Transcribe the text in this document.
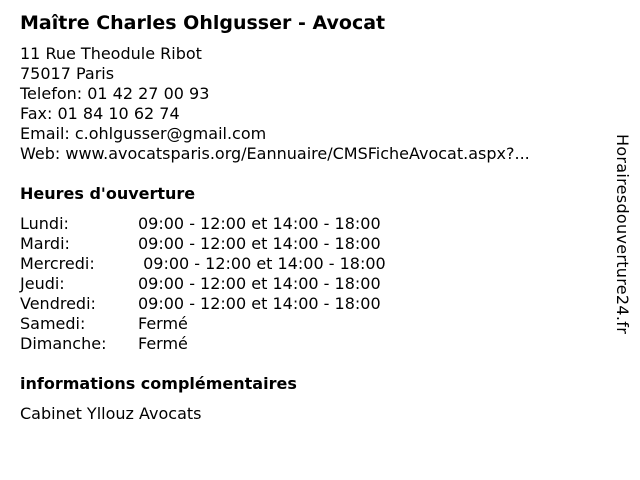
Maître Charles Ohlgusser - Avocat
11 Rue Theodule Ribot
75017 Paris
Telefon: 01 42 27 00 93
Fax: 01 84 10 62 74
Email: c.ohlgusser@gmail.com
Web: www.avocatsparis.org/Eannuaire/CMSFicheAvocat.aspx?...
Heures d'ouverture
Lundi:	09:00 - 12:00 et 14:00 - 18:00
Mardi:	09:00 - 12:00 et 14:00 - 18:00
Mercredi:	09:00 - 12:00 et 14:00 - 18:00
Jeudi:	09:00 - 12:00 et 14:00 - 18:00
Vendredi:	09:00 - 12:00 et 14:00 - 18:00
Samedi:	Fermé
Dimanche:	Fermé
informations complémentaires
Cabinet Yllouz Avocats
Horairesdouverture24.fr
